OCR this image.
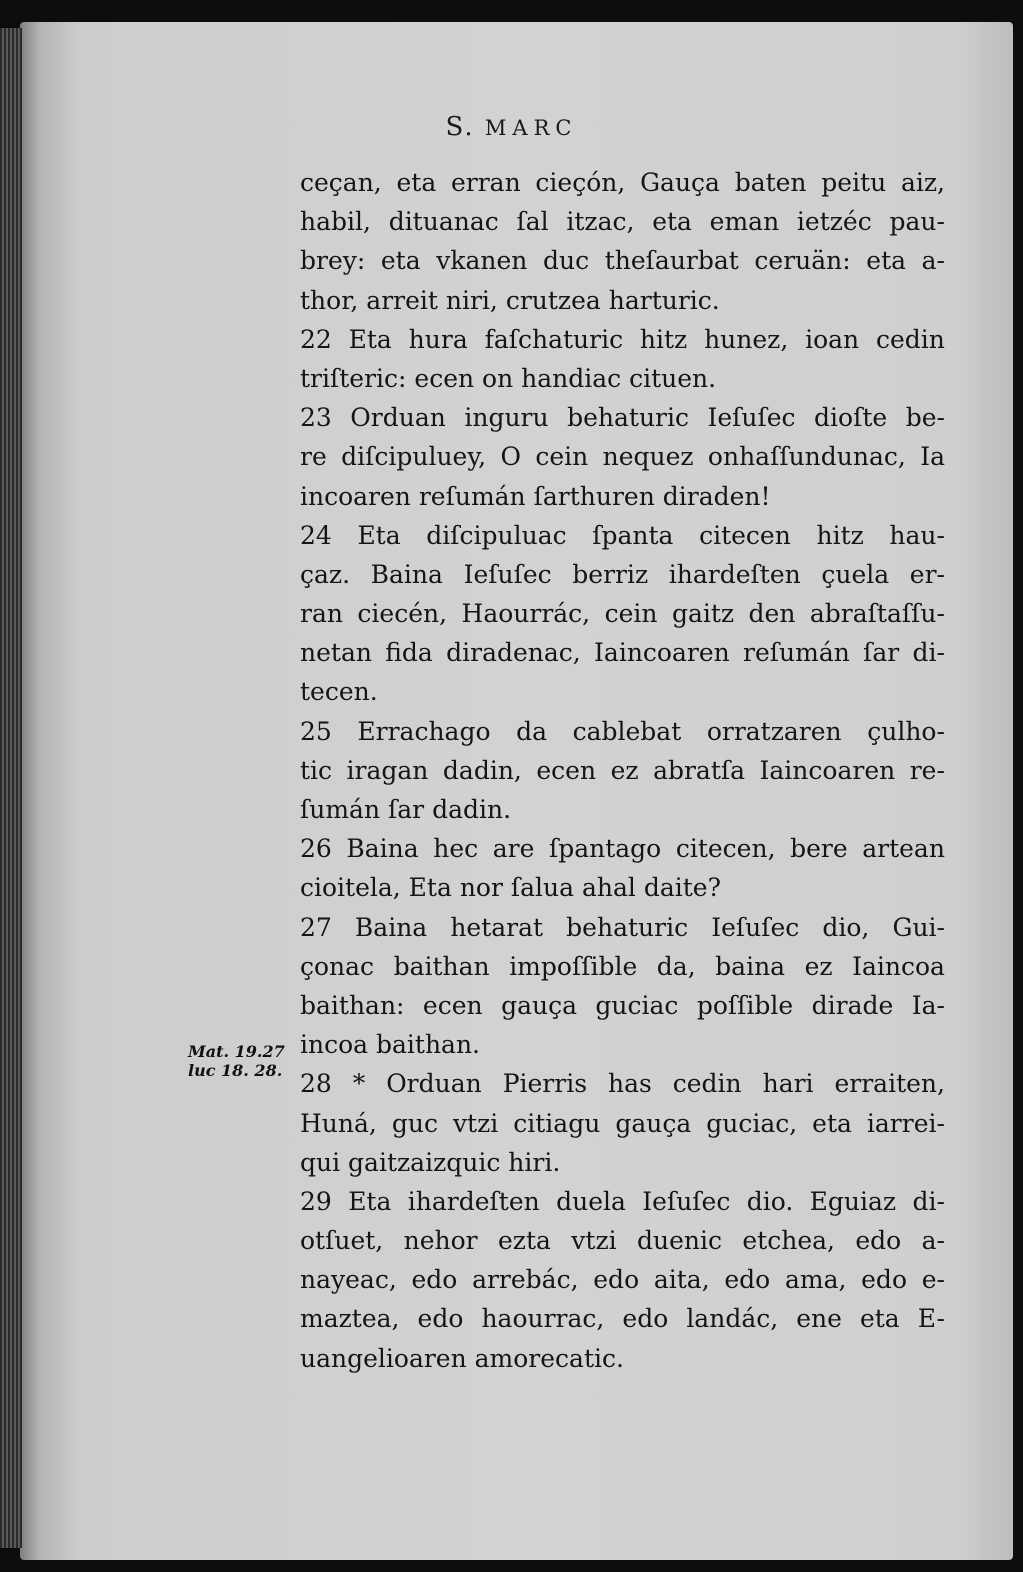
S. MARC
Mat. 19.27
luc 18. 28.
ceçan, eta erran cieçón, Gauça baten peitu aiz,
habil, dituanac ſal itzac, eta eman ietzéc pau-
brey: eta vkanen duc theſaurbat ceruän: eta a-
thor, arreit niri, crutzea harturic.
22 Eta hura faſchaturic hitz hunez, ioan cedin
triſteric: ecen on handiac cituen.
23 Orduan inguru behaturic Ieſuſec dioſte be-
re diſcipuluey, O cein nequez onhaſſundunac, Ia
incoaren reſumán ſarthuren diraden!
24 Eta diſcipuluac ſpanta citecen hitz hau-
çaz. Baina Ieſuſec berriz ihardeſten çuela er-
ran ciecén, Haourrác, cein gaitz den abraſtaſſu-
netan fida diradenac, Iaincoaren reſumán ſar di-
tecen.
25 Errachago da cablebat orratzaren çulho-
tic iragan dadin, ecen ez abratſa Iaincoaren re-
ſumán ſar dadin.
26 Baina hec are ſpantago citecen, bere artean
cioitela, Eta nor ſalua ahal daite?
27 Baina hetarat behaturic Ieſuſec dio, Gui-
çonac baithan impoſſible da, baina ez Iaincoa
baithan: ecen gauça guciac poſſible dirade Ia-
incoa baithan.
28 * Orduan Pierris has cedin hari erraiten,
Huná, guc vtzi citiagu gauça guciac, eta iarrei-
qui gaitzaizquic hiri.
29 Eta ihardeſten duela Ieſuſec dio. Eguiaz di-
otſuet, nehor ezta vtzi duenic etchea, edo a-
nayeac, edo arrebác, edo aita, edo ama, edo e-
maztea, edo haourrac, edo landác, ene eta E-
uangelioaren amorecatic.
